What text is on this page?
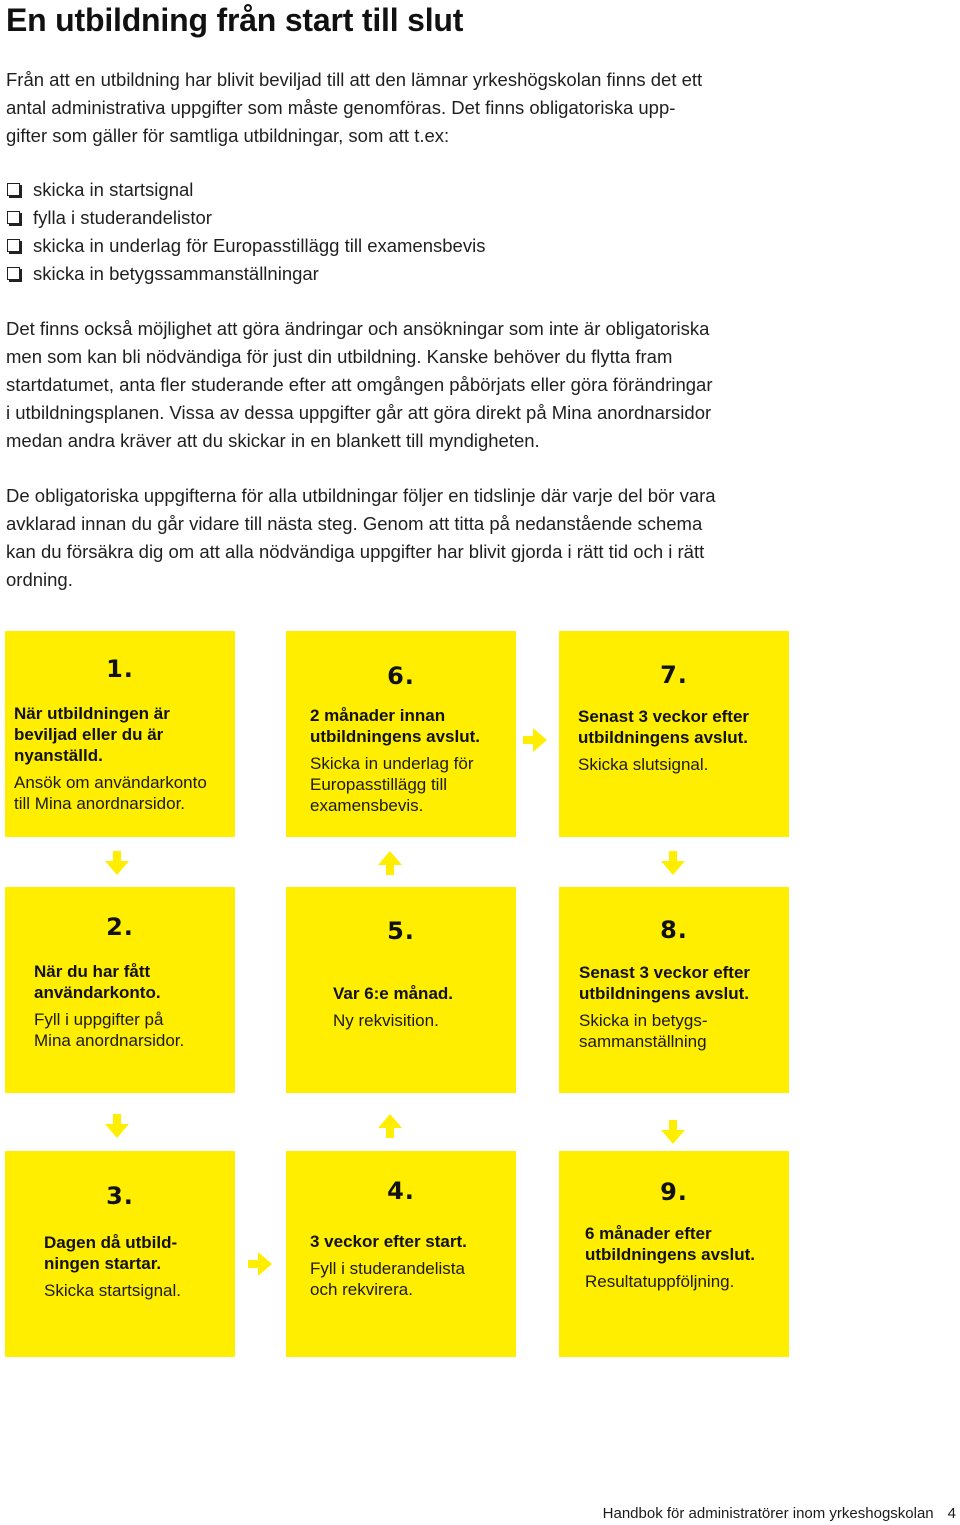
En utbildning från start till slut

Från att en utbildning har blivit beviljad till att den lämnar yrkeshögskolan finns det ett
antal administrativa uppgifter som måste genomföras. Det finns obligatoriska upp-
gifter som gäller för samtliga utbildningar, som att t.ex:

skicka in startsignal
fylla i studerandelistor
skicka in underlag för Europasstillägg till examensbevis
skicka in betygssammanställningar

Det finns också möjlighet att göra ändringar och ansökningar som inte är obligatoriska
men som kan bli nödvändiga för just din utbildning. Kanske behöver du flytta fram
startdatumet, anta fler studerande efter att omgången påbörjats eller göra förändringar
i utbildningsplanen. Vissa av dessa uppgifter går att göra direkt på Mina anordnarsidor
medan andra kräver att du skickar in en blankett till myndigheten.

De obligatoriska uppgifterna för alla utbildningar följer en tidslinje där varje del bör vara
avklarad innan du går vidare till nästa steg. Genom att titta på nedanstående schema
kan du försäkra dig om att alla nödvändiga uppgifter har blivit gjorda i rätt tid och i rätt
ordning.

1.
När utbildningen är
beviljad eller du är
nyanställd.
Ansök om användarkonto
till Mina anordnarsidor.
6.
2 månader innan
utbildningens avslut.
Skicka in underlag för
Europasstillägg till
examensbevis.
7.
Senast 3 veckor efter
utbildningens avslut.
Skicka slutsignal.
2.
När du har fått
användarkonto.
Fyll i uppgifter på
Mina anordnarsidor.
5.
Var 6:e månad.
Ny rekvisition.
8.
Senast 3 veckor efter
utbildningens avslut.
Skicka in betygs-
sammanställning
3.
Dagen då utbild-
ningen startar.
Skicka startsignal.
4.
3 veckor efter start.
Fyll i studerandelista
och rekvirera.
9.
6 månader efter
utbildningens avslut.
Resultatuppföljning.
Handbok för administratörer inom yrkeshogskolan 4
